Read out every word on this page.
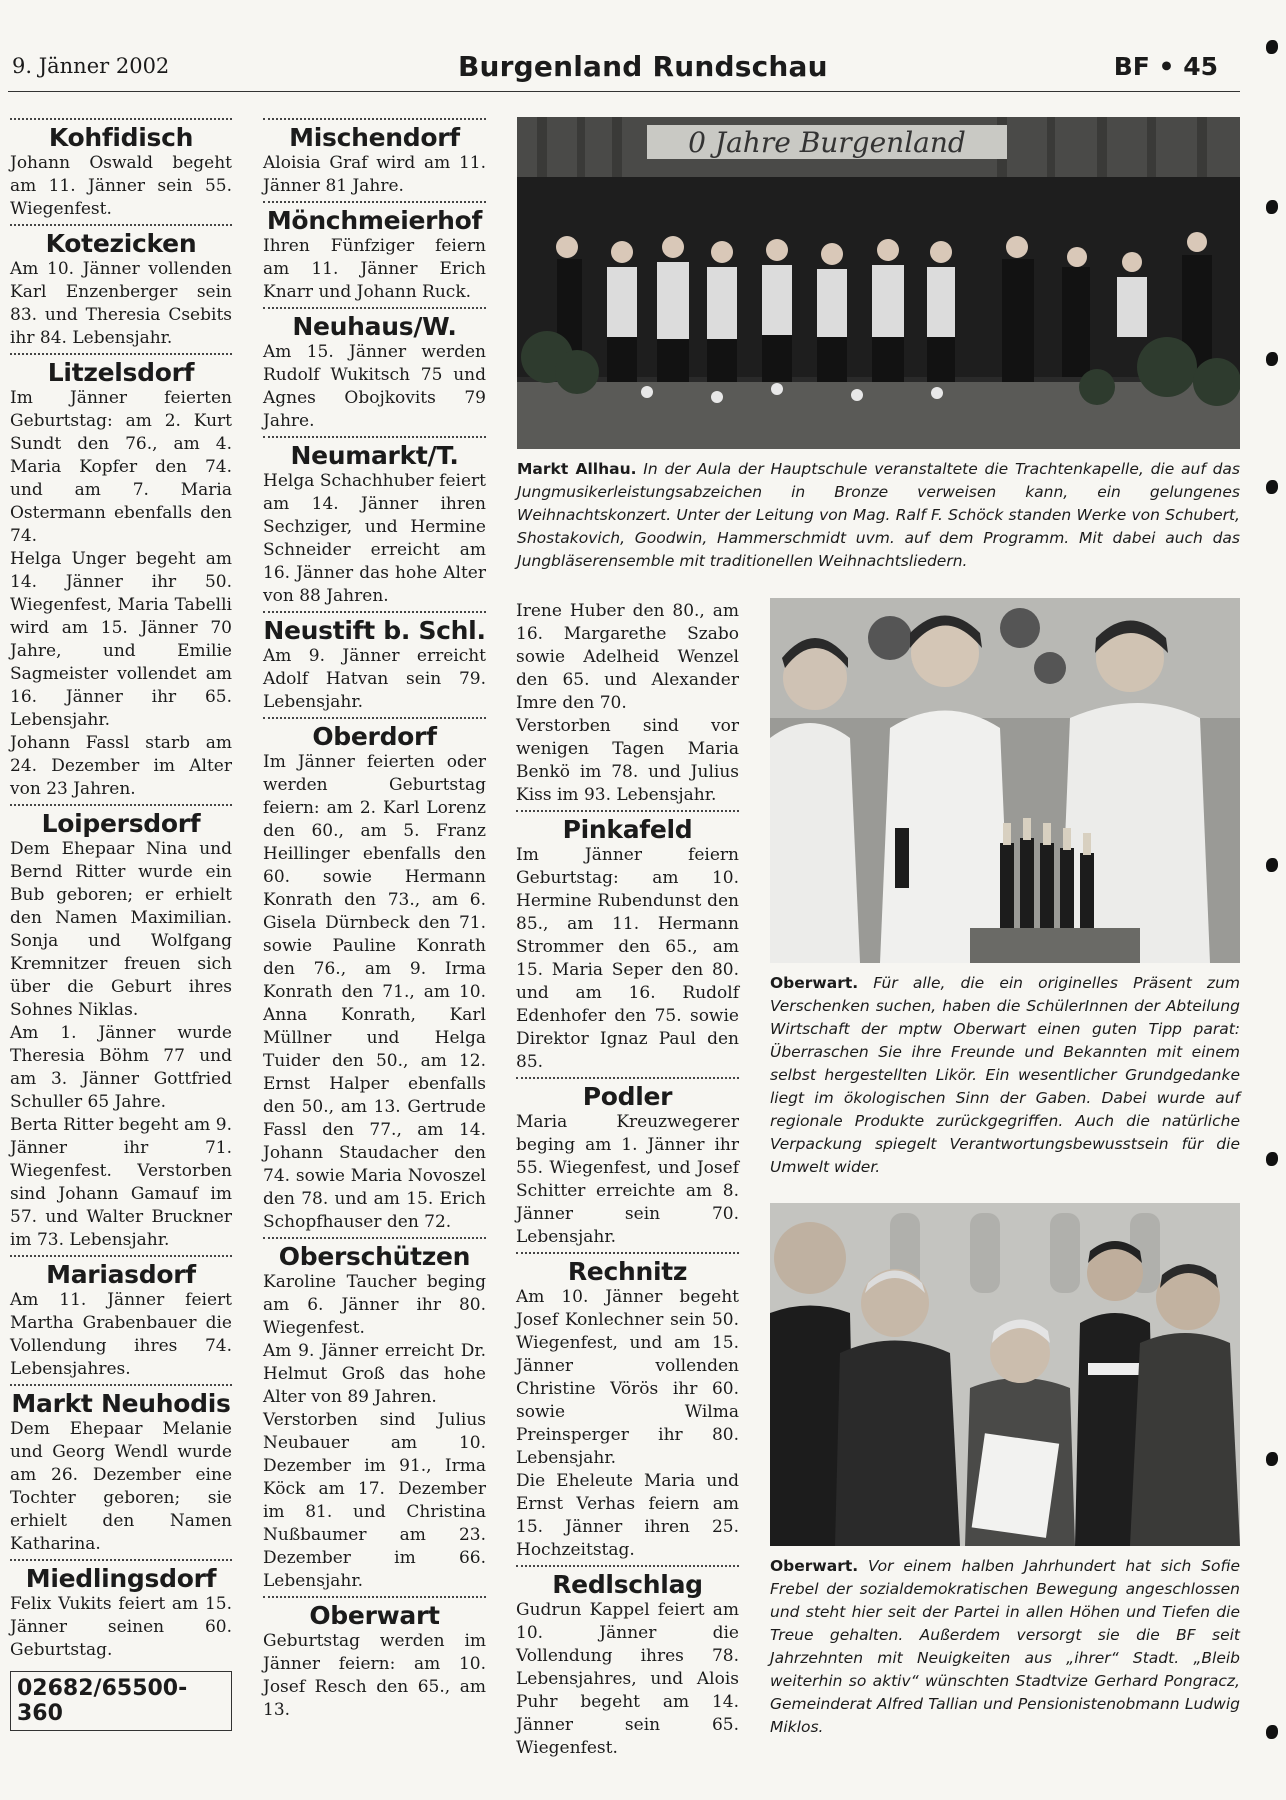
9. Jänner 2002	Burgenland Rundschau	BF • 45
Kohfidisch

Johann Oswald begeht am 11. Jänner sein 55. Wiegenfest.

Kotezicken

Am 10. Jänner vollenden Karl Enzenberger sein 83. und Theresia Csebits ihr 84. Lebensjahr.

Litzelsdorf

Im Jänner feierten Geburtstag: am 2. Kurt Sundt den 76., am 4. Maria Kopfer den 74. und am 7. Maria Ostermann ebenfalls den 74.

Helga Unger begeht am 14. Jänner ihr 50. Wiegenfest, Maria Tabelli wird am 15. Jänner 70 Jahre, und Emilie Sagmeister vollendet am 16. Jänner ihr 65. Lebensjahr.

Johann Fassl starb am 24. Dezember im Alter von 23 Jahren.

Loipersdorf

Dem Ehepaar Nina und Bernd Ritter wurde ein Bub geboren; er erhielt den Namen Maximilian. Sonja und Wolfgang Kremnitzer freuen sich über die Geburt ihres Sohnes Niklas.

Am 1. Jänner wurde Theresia Böhm 77 und am 3. Jänner Gottfried Schuller 65 Jahre.

Berta Ritter begeht am 9. Jänner ihr 71. Wiegenfest. Verstorben sind Johann Gamauf im 57. und Walter Bruckner im 73. Lebensjahr.

Mariasdorf

Am 11. Jänner feiert Martha Grabenbauer die Vollendung ihres 74. Lebensjahres.

Markt Neuhodis

Dem Ehepaar Melanie und Georg Wendl wurde am 26. Dezember eine Tochter geboren; sie erhielt den Namen Katharina.

Miedlingsdorf

Felix Vukits feiert am 15. Jänner seinen 60. Geburtstag.

02682/65500-360
Mischendorf

Aloisia Graf wird am 11. Jänner 81 Jahre.

Mönchmeierhof

Ihren Fünfziger feiern am 11. Jänner Erich Knarr und Johann Ruck.

Neuhaus/W.

Am 15. Jänner werden Rudolf Wukitsch 75 und Agnes Obojkovits 79 Jahre.

Neumarkt/T.

Helga Schachhuber feiert am 14. Jänner ihren Sechziger, und Hermine Schneider erreicht am 16. Jänner das hohe Alter von 88 Jahren.

Neustift b. Schl.

Am 9. Jänner erreicht Adolf Hatvan sein 79. Lebensjahr.

Oberdorf

Im Jänner feierten oder werden Geburtstag feiern: am 2. Karl Lorenz den 60., am 5. Franz Heillinger ebenfalls den 60. sowie Hermann Konrath den 73., am 6. Gisela Dürnbeck den 71. sowie Pauline Konrath den 76., am 9. Irma Konrath den 71., am 10. Anna Konrath, Karl Müllner und Helga Tuider den 50., am 12. Ernst Halper ebenfalls den 50., am 13. Gertrude Fassl den 77., am 14. Johann Staudacher den 74. sowie Maria Novoszel den 78. und am 15. Erich Schopfhauser den 72.

Oberschützen

Karoline Taucher beging am 6. Jänner ihr 80. Wiegenfest.

Am 9. Jänner erreicht Dr. Helmut Groß das hohe Alter von 89 Jahren.

Verstorben sind Julius Neubauer am 10. Dezember im 91., Irma Köck am 17. Dezember im 81. und Christina Nußbaumer am 23. Dezember im 66. Lebensjahr.

Oberwart

Geburtstag werden im Jänner feiern: am 10. Josef Resch den 65., am 13.

0 Jahre Burgenland
Markt Allhau. In der Aula der Hauptschule veranstaltete die Trachtenkapelle, die auf das Jungmusikerleistungsabzeichen in Bronze verweisen kann, ein gelungenes Weihnachtskonzert. Unter der Leitung von Mag. Ralf F. Schöck standen Werke von Schubert, Shostakovich, Goodwin, Hammerschmidt uvm. auf dem Programm. Mit dabei auch das Jungbläserensemble mit traditionellen Weihnachtsliedern.

Irene Huber den 80., am 16. Margarethe Szabo sowie Adelheid Wenzel den 65. und Alexander Imre den 70.

Verstorben sind vor wenigen Tagen Maria Benkö im 78. und Julius Kiss im 93. Lebensjahr.

Pinkafeld

Im Jänner feiern Geburtstag: am 10. Hermine Rubendunst den 85., am 11. Hermann Strommer den 65., am 15. Maria Seper den 80. und am 16. Rudolf Edenhofer den 75. sowie Direktor Ignaz Paul den 85.

Podler

Maria Kreuzwegerer beging am 1. Jänner ihr 55. Wiegenfest, und Josef Schitter erreichte am 8. Jänner sein 70. Lebensjahr.

Rechnitz

Am 10. Jänner begeht Josef Konlechner sein 50. Wiegenfest, und am 15. Jänner vollenden Christine Vörös ihr 60. sowie Wilma Preinsperger ihr 80. Lebensjahr.

Die Eheleute Maria und Ernst Verhas feiern am 15. Jänner ihren 25. Hochzeitstag.

Redlschlag

Gudrun Kappel feiert am 10. Jänner die Vollendung ihres 78. Lebensjahres, und Alois Puhr begeht am 14. Jänner sein 65. Wiegenfest.

Oberwart. Für alle, die ein originelles Präsent zum Verschenken suchen, haben die SchülerInnen der Abteilung Wirtschaft der mptw Oberwart einen guten Tipp parat: Überraschen Sie ihre Freunde und Bekannten mit einem selbst hergestellten Likör. Ein wesentlicher Grundgedanke liegt im ökologischen Sinn der Gaben. Dabei wurde auf regionale Produkte zurückgegriffen. Auch die natürliche Verpackung spiegelt Verantwortungsbewusstsein für die Umwelt wider.
Oberwart. Vor einem halben Jahrhundert hat sich Sofie Frebel der sozialdemokratischen Bewegung angeschlossen und steht hier seit der Partei in allen Höhen und Tiefen die Treue gehalten. Außerdem versorgt sie die BF seit Jahrzehnten mit Neuigkeiten aus „ihrer“ Stadt. „Bleib weiterhin so aktiv“ wünschten Stadtvize Gerhard Pongracz, Gemeinderat Alfred Tallian und Pensionistenobmann Ludwig Miklos.
